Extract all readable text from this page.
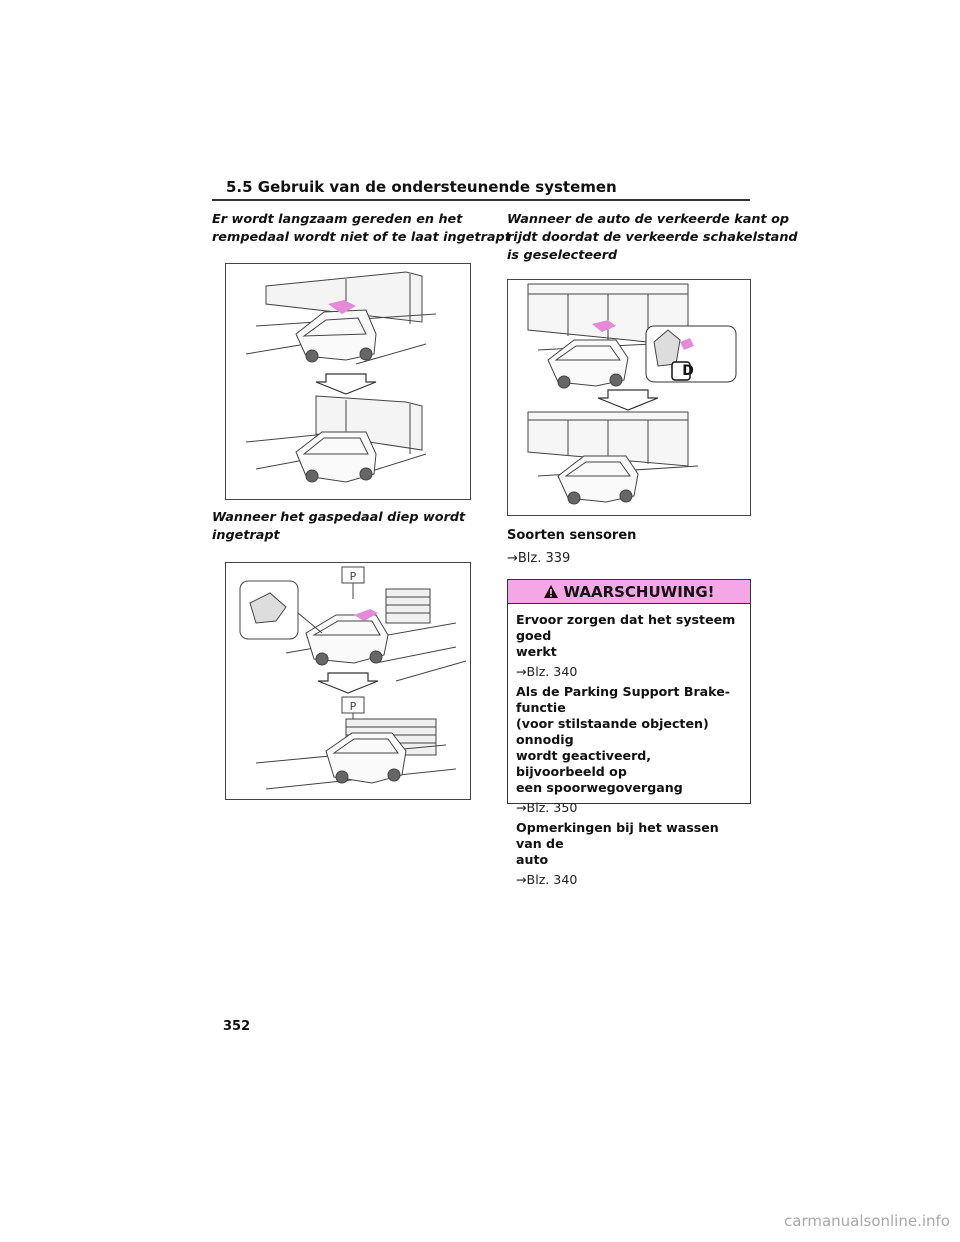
5.5 Gebruik van de ondersteunende systemen
Er wordt langzaam gereden en het
rempedaal wordt niet of te laat ingetrapt
Wanneer het gaspedaal diep wordt
ingetrapt
P
P
Wanneer de auto de verkeerde kant op
rijdt doordat de verkeerde schakelstand
is geselecteerd
D
Soorten sensoren
→Blz. 339
WAARSCHUWING!
Ervoor zorgen dat het systeem goed
werkt
→Blz. 340
Als de Parking Support Brake-functie
(voor stilstaande objecten) onnodig
wordt geactiveerd, bijvoorbeeld op
een spoorwegovergang
→Blz. 350
Opmerkingen bij het wassen van de
auto
→Blz. 340
352
carmanualsonline.info
